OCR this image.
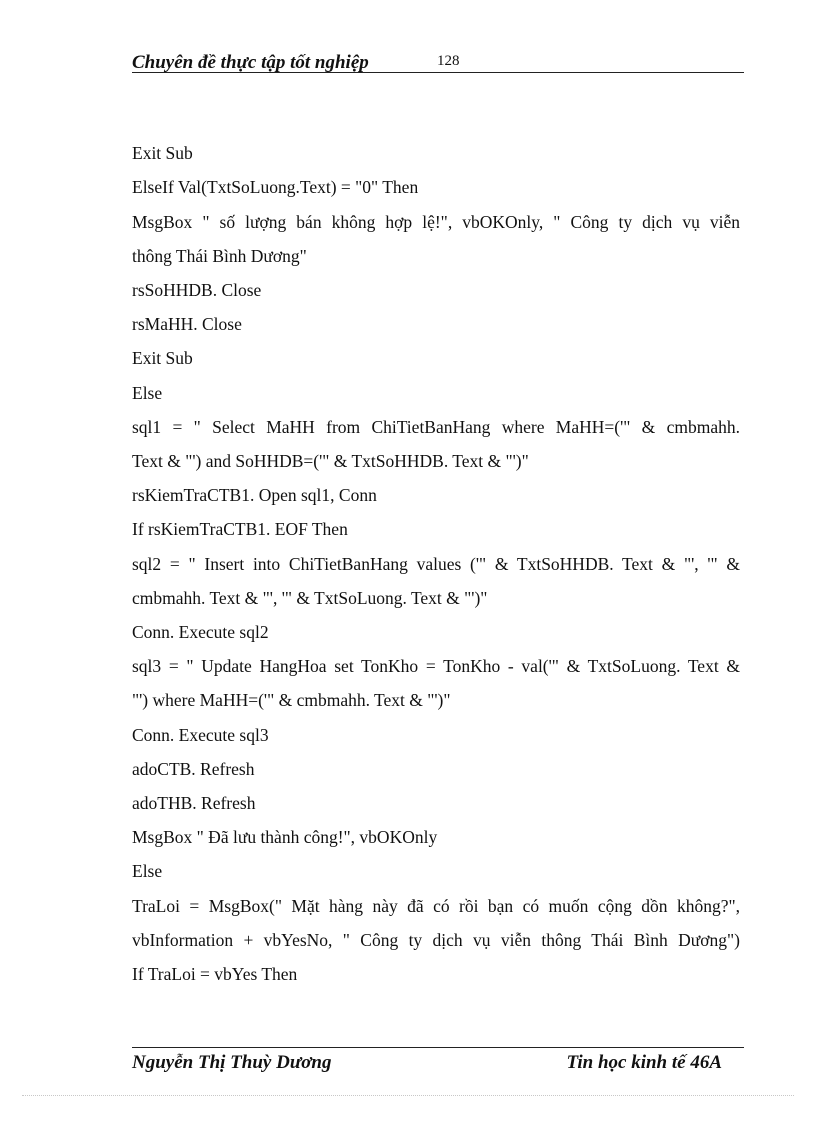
Chuyên đề thực tập tốt nghiệp	128
Exit Sub
ElseIf Val(TxtSoLuong.Text) = "0" Then
MsgBox " số lượng bán không hợp lệ!", vbOKOnly, " Công ty dịch vụ viễn
thông Thái Bình Dương"
rsSoHHDB. Close
rsMaHH. Close
Exit Sub
Else
sql1 = " Select MaHH from ChiTietBanHang where MaHH=('" & cmbmahh.
Text & "') and SoHHDB=('" & TxtSoHHDB. Text & "')"
rsKiemTraCTB1. Open sql1, Conn
If rsKiemTraCTB1. EOF Then
sql2 = " Insert into ChiTietBanHang values ('" & TxtSoHHDB. Text & "', '" &
cmbmahh. Text & "', '" & TxtSoLuong. Text & "')"
Conn. Execute sql2
sql3 = " Update HangHoa set TonKho = TonKho - val('" & TxtSoLuong. Text &
"') where MaHH=('" & cmbmahh. Text & "')"
Conn. Execute sql3
adoCTB. Refresh
adoTHB. Refresh
MsgBox " Đã lưu thành công!", vbOKOnly
Else
TraLoi = MsgBox(" Mặt hàng này đã có rồi bạn có muốn cộng dồn không?",
vbInformation + vbYesNo, " Công ty dịch vụ viễn thông Thái Bình Dương")
If TraLoi = vbYes Then
Nguyễn Thị Thuỳ Dương	Tin học kinh tế 46A
